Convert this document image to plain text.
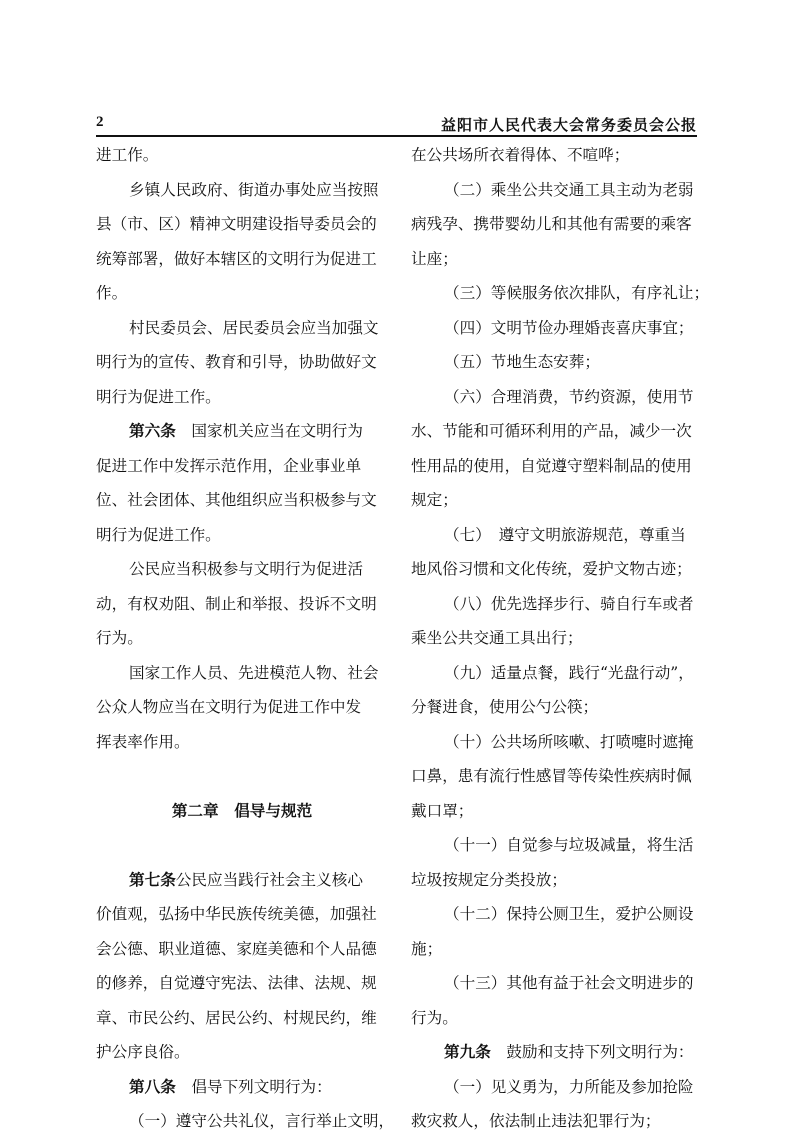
2	益阳市人民代表大会常务委员会公报
进工作。
乡镇人民政府、街道办事处应当按照
县（市、区）精神文明建设指导委员会的
统筹部署，做好本辖区的文明行为促进工
作。
村民委员会、居民委员会应当加强文
明行为的宣传、教育和引导，协助做好文
明行为促进工作。
第六条　国家机关应当在文明行为
促进工作中发挥示范作用，企业事业单
位、社会团体、其他组织应当积极参与文
明行为促进工作。
公民应当积极参与文明行为促进活
动，有权劝阻、制止和举报、投诉不文明
行为。
国家工作人员、先进模范人物、社会
公众人物应当在文明行为促进工作中发
挥表率作用。
第二章　倡导与规范
第七条公民应当践行社会主义核心
价值观，弘扬中华民族传统美德，加强社
会公德、职业道德、家庭美德和个人品德
的修养，自觉遵守宪法、法律、法规、规
章、市民公约、居民公约、村规民约，维
护公序良俗。
第八条　倡导下列文明行为：
（一）遵守公共礼仪，言行举止文明，
在公共场所衣着得体、不喧哗；
（二）乘坐公共交通工具主动为老弱
病残孕、携带婴幼儿和其他有需要的乘客
让座；
（三）等候服务依次排队，有序礼让；
（四）文明节俭办理婚丧喜庆事宜；
（五）节地生态安葬；
（六）合理消费，节约资源，使用节
水、节能和可循环利用的产品，减少一次
性用品的使用，自觉遵守塑料制品的使用
规定；
（七）　遵守文明旅游规范，尊重当
地风俗习惯和文化传统，爱护文物古迹；
（八）优先选择步行、骑自行车或者
乘坐公共交通工具出行；
（九）适量点餐，践行“光盘行动”，
分餐进食，使用公勺公筷；
（十）公共场所咳嗽、打喷嚏时遮掩
口鼻，患有流行性感冒等传染性疾病时佩
戴口罩；
（十一）自觉参与垃圾减量，将生活
垃圾按规定分类投放；
（十二）保持公厕卫生，爱护公厕设
施；
（十三）其他有益于社会文明进步的
行为。
第九条　鼓励和支持下列文明行为：
（一）见义勇为，力所能及参加抢险
救灾救人，依法制止违法犯罪行为；
